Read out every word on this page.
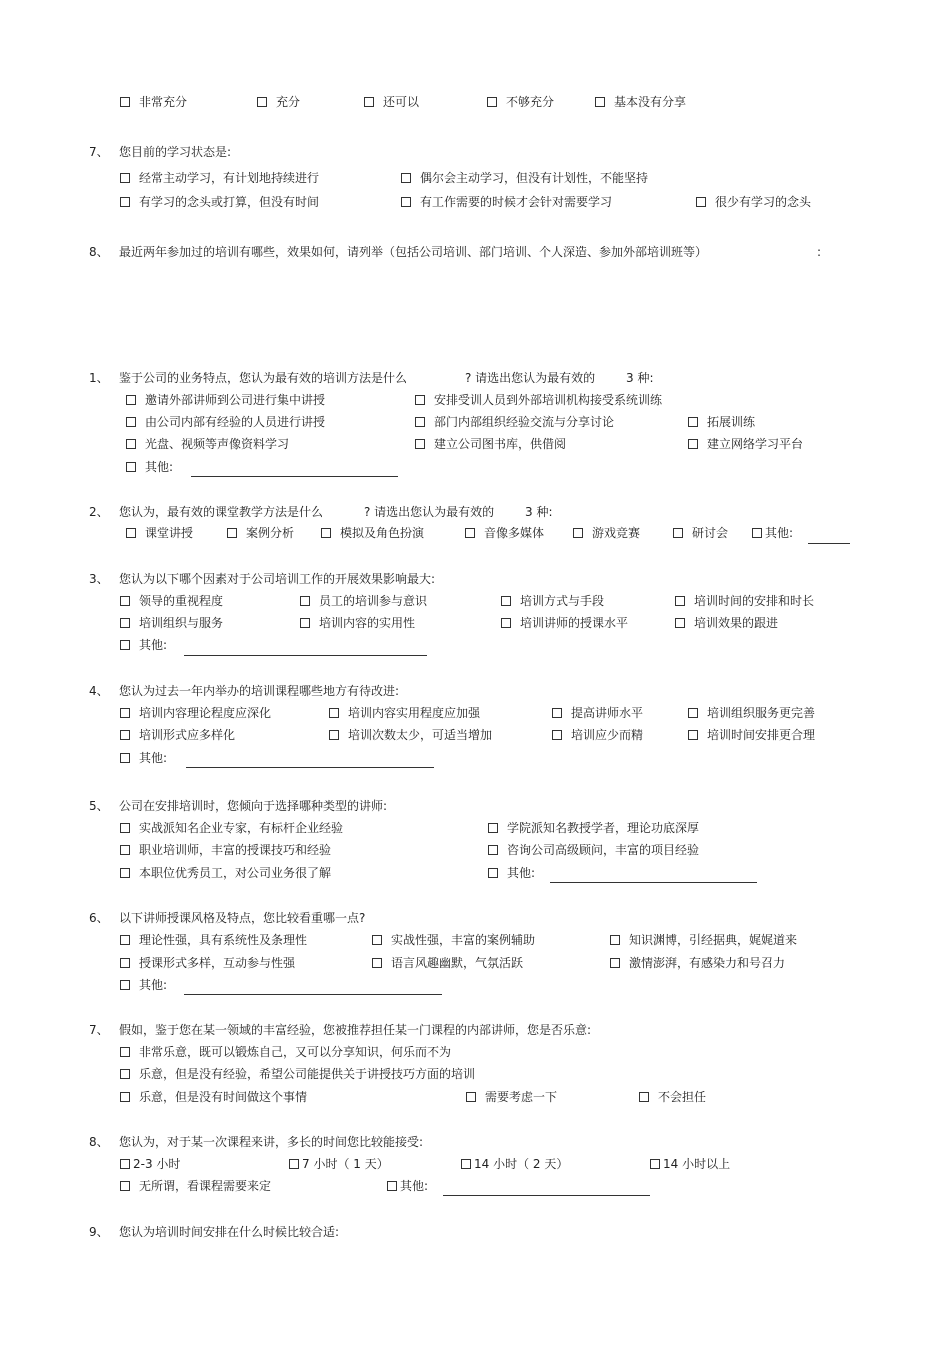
非常充分	充分	还可以	不够充分	基本没有分享
7、 您目前的学习状态是:
经常主动学习，有计划地持续进行	偶尔会主动学习，但没有计划性，不能坚持
有学习的念头或打算，但没有时间	有工作需要的时候才会针对需要学习	很少有学习的念头
8、 最近两年参加过的培训有哪些，效果如何，请列举（包括公司培训、部门培训、个人深造、参加外部培训班等）	:
1、 鉴于公司的业务特点，您认为最有效的培训方法是什么	? 请选出您认为最有效的	3 种:
邀请外部讲师到公司进行集中讲授	安排受训人员到外部培训机构接受系统训练
由公司内部有经验的人员进行讲授	部门内部组织经验交流与分享讨论	拓展训练
光盘、视频等声像资料学习	建立公司图书库，供借阅	建立网络学习平台
其他:
2、 您认为，最有效的课堂教学方法是什么	? 请选出您认为最有效的	3 种:
课堂讲授	案例分析	模拟及角色扮演	音像多媒体	游戏竞赛	研讨会	其他:
3、 您认为以下哪个因素对于公司培训工作的开展效果影响最大:
领导的重视程度	员工的培训参与意识	培训方式与手段	培训时间的安排和时长
培训组织与服务	培训内容的实用性	培训讲师的授课水平	培训效果的跟进
其他:
4、 您认为过去一年内举办的培训课程哪些地方有待改进:
培训内容理论程度应深化	培训内容实用程度应加强	提高讲师水平	培训组织服务更完善
培训形式应多样化	培训次数太少，可适当增加	培训应少而精	培训时间安排更合理
其他:
5、 公司在安排培训时，您倾向于选择哪种类型的讲师:
实战派知名企业专家，有标杆企业经验	学院派知名教授学者，理论功底深厚
职业培训师，丰富的授课技巧和经验	咨询公司高级顾问，丰富的项目经验
本职位优秀员工，对公司业务很了解	其他:
6、 以下讲师授课风格及特点，您比较看重哪一点?
理论性强，具有系统性及条理性	实战性强，丰富的案例辅助	知识渊博，引经据典，娓娓道来
授课形式多样，互动参与性强	语言风趣幽默，气氛活跃	激情澎湃，有感染力和号召力
其他:
7、 假如，鉴于您在某一领域的丰富经验，您被推荐担任某一门课程的内部讲师，您是否乐意:
非常乐意，既可以锻炼自己，又可以分享知识，何乐而不为
乐意，但是没有经验，希望公司能提供关于讲授技巧方面的培训
乐意，但是没有时间做这个事情	需要考虑一下	不会担任
8、 您认为，对于某一次课程来讲，多长的时间您比较能接受:
2-3 小时	7 小时（ 1 天）	14 小时（ 2 天）	14 小时以上
无所谓，看课程需要来定	其他:
9、 您认为培训时间安排在什么时候比较合适:
